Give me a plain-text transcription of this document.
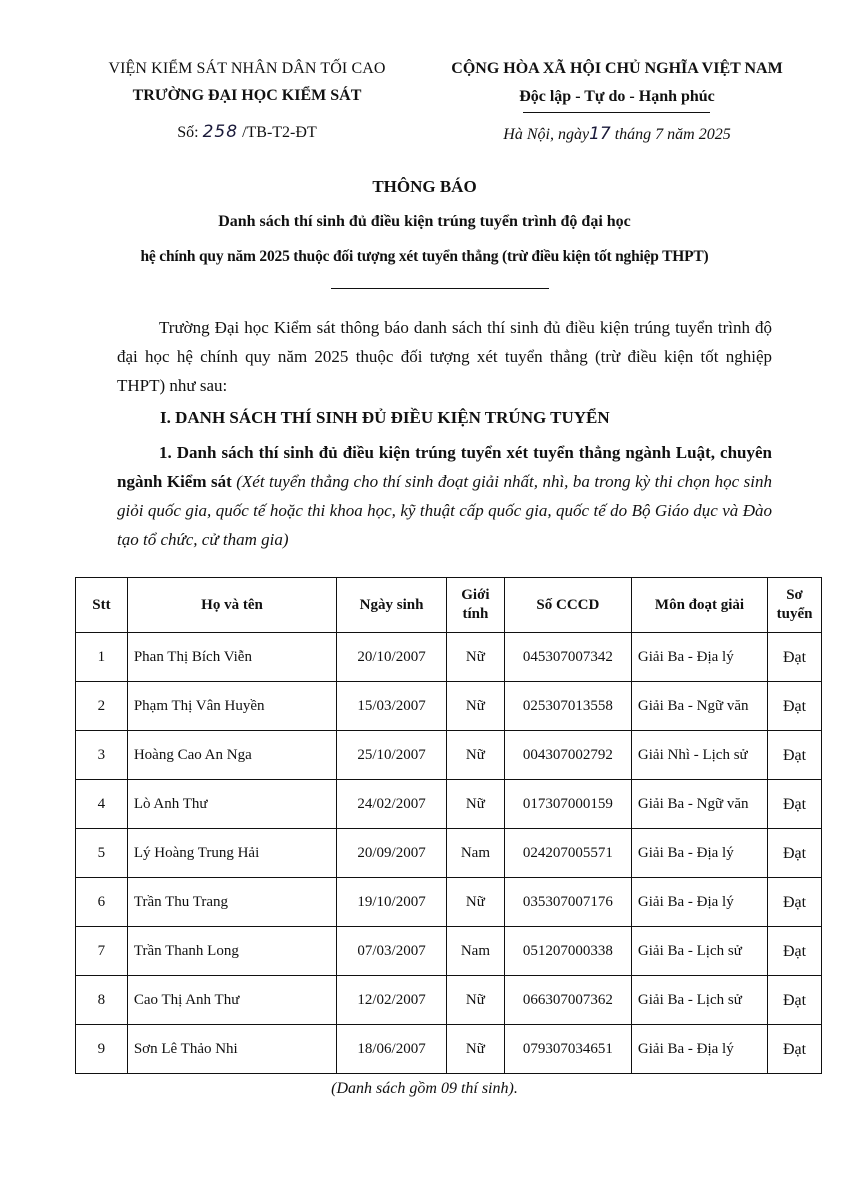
VIỆN KIỂM SÁT NHÂN DÂN TỐI CAO
TRƯỜNG ĐẠI HỌC KIỂM SÁT
Số: 258 /TB-T2-ĐT
CỘNG HÒA XÃ HỘI CHỦ NGHĨA VIỆT NAM
Độc lập - Tự do - Hạnh phúc
Hà Nội, ngày17 tháng 7 năm 2025
THÔNG BÁO
Danh sách thí sinh đủ điều kiện trúng tuyển trình độ đại học
hệ chính quy năm 2025 thuộc đối tượng xét tuyển thẳng (trừ điều kiện tốt nghiệp THPT)
Trường Đại học Kiểm sát thông báo danh sách thí sinh đủ điều kiện trúng tuyển trình độ đại học hệ chính quy năm 2025 thuộc đối tượng xét tuyển thẳng (trừ điều kiện tốt nghiệp THPT) như sau:
I. DANH SÁCH THÍ SINH ĐỦ ĐIỀU KIỆN TRÚNG TUYỂN
1. Danh sách thí sinh đủ điều kiện trúng tuyển xét tuyển thẳng ngành Luật, chuyên ngành Kiểm sát (Xét tuyển thẳng cho thí sinh đoạt giải nhất, nhì, ba trong kỳ thi chọn học sinh giỏi quốc gia, quốc tế hoặc thi khoa học, kỹ thuật cấp quốc gia, quốc tế do Bộ Giáo dục và Đào tạo tổ chức, cử tham gia)
Stt	Họ và tên	Ngày sinh	Giới tính	Số CCCD	Môn đoạt giải	Sơ tuyển
1	Phan Thị Bích Viễn	20/10/2007	Nữ	045307007342	Giải Ba - Địa lý	Đạt
2	Phạm Thị Vân Huyền	15/03/2007	Nữ	025307013558	Giải Ba - Ngữ văn	Đạt
3	Hoàng Cao An Nga	25/10/2007	Nữ	004307002792	Giải Nhì - Lịch sử	Đạt
4	Lò Anh Thư	24/02/2007	Nữ	017307000159	Giải Ba - Ngữ văn	Đạt
5	Lý Hoàng Trung Hải	20/09/2007	Nam	024207005571	Giải Ba - Địa lý	Đạt
6	Trần Thu Trang	19/10/2007	Nữ	035307007176	Giải Ba - Địa lý	Đạt
7	Trần Thanh Long	07/03/2007	Nam	051207000338	Giải Ba - Lịch sử	Đạt
8	Cao Thị Anh Thư	12/02/2007	Nữ	066307007362	Giải Ba - Lịch sử	Đạt
9	Sơn Lê Thảo Nhi	18/06/2007	Nữ	079307034651	Giải Ba - Địa lý	Đạt
(Danh sách gồm 09 thí sinh).
